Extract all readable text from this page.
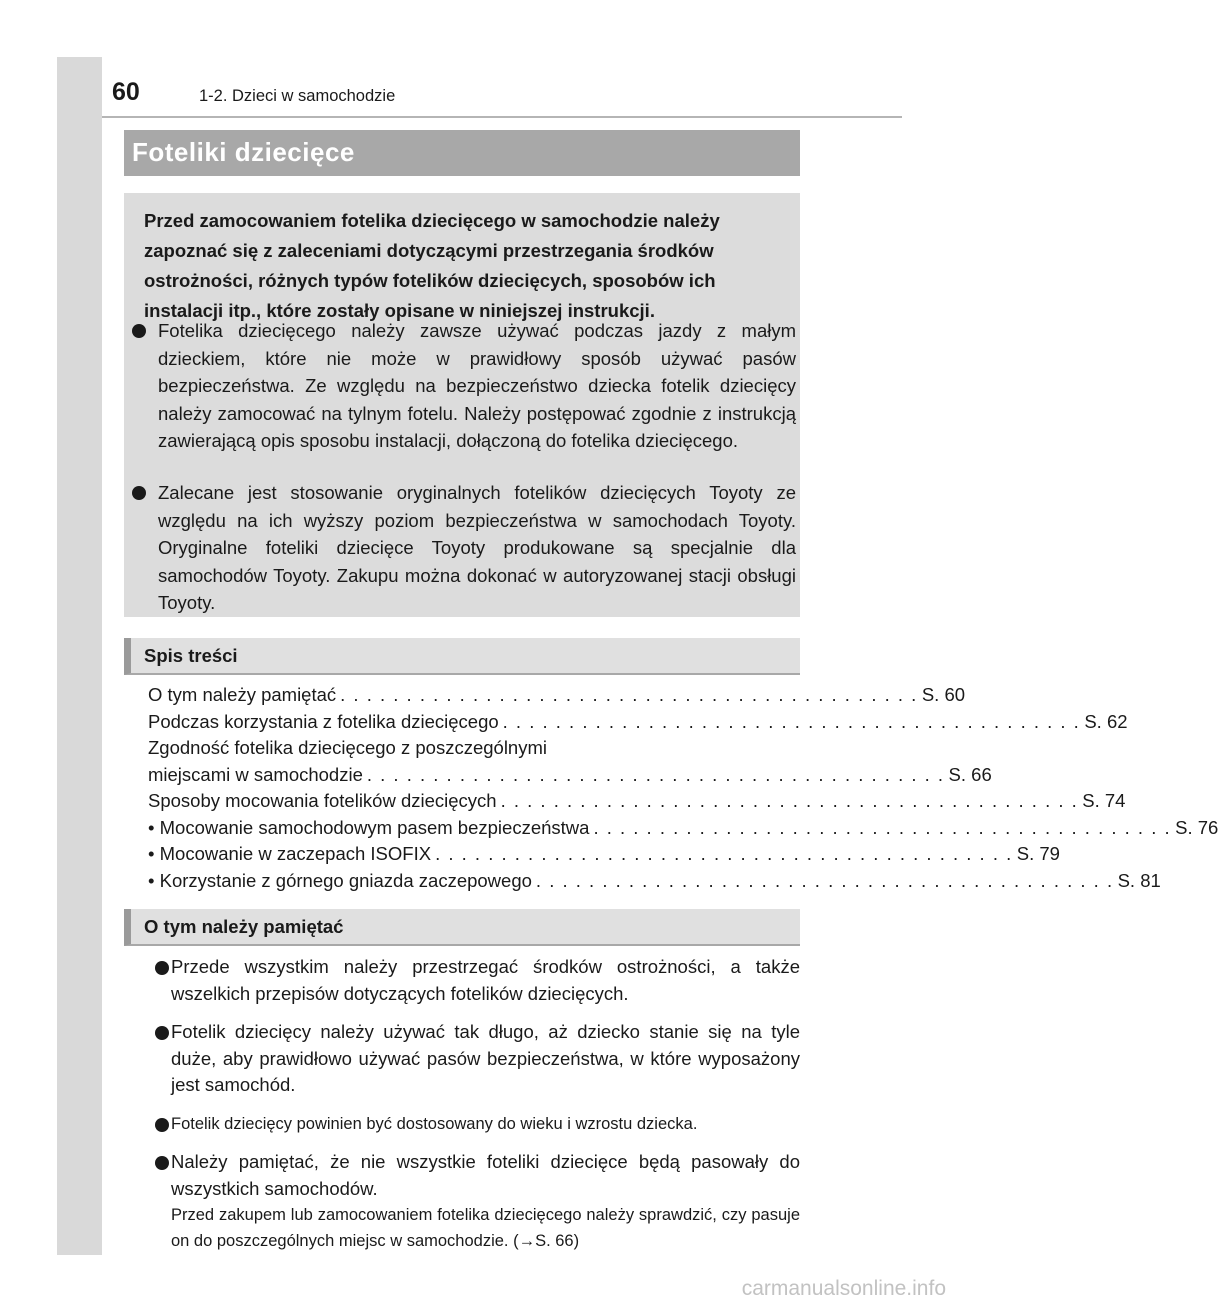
60	1-2. Dzieci w samochodzie
Foteliki dziecięce
Przed zamocowaniem fotelika dziecięcego w samochodzie należy zapoznać się z zaleceniami dotyczącymi przestrzegania środków ostrożności, różnych typów fotelików dziecięcych, sposobów ich instalacji itp., które zostały opisane w niniejszej instrukcji.
Fotelika dziecięcego należy zawsze używać podczas jazdy z małym dzieckiem, które nie może w prawidłowy sposób używać pasów bezpieczeństwa. Ze względu na bezpieczeństwo dziecka fotelik dziecięcy należy zamocować na tylnym fotelu. Należy postępować zgodnie z instrukcją zawierającą opis sposobu instalacji, dołączoną do fotelika dziecięcego.
Zalecane jest stosowanie oryginalnych fotelików dziecięcych Toyoty ze względu na ich wyższy poziom bezpieczeństwa w samochodach Toyoty. Oryginalne foteliki dziecięce Toyoty produkowane są specjalnie dla samochodów Toyoty. Zakupu można dokonać w autoryzowanej stacji obsługi Toyoty.
Spis treści
O tym należy pamiętać . . . . . . . . . . . . . . . . . . . . . . . . . . . . . . . . . . . . . . . . . . . . S. 60
Podczas korzystania z fotelika dziecięcego . . . . . . . . . . . . . . . . . . . . . . . . . . . . . . . . . . . . . . . . . . . . S. 62
Zgodność fotelika dziecięcego z poszczególnymi
miejscami w samochodzie . . . . . . . . . . . . . . . . . . . . . . . . . . . . . . . . . . . . . . . . . . . . S. 66
Sposoby mocowania fotelików dziecięcych . . . . . . . . . . . . . . . . . . . . . . . . . . . . . . . . . . . . . . . . . . . . S. 74
• Mocowanie samochodowym pasem bezpieczeństwa . . . . . . . . . . . . . . . . . . . . . . . . . . . . . . . . . . . . . . . . . . . . S. 76
• Mocowanie w zaczepach ISOFIX . . . . . . . . . . . . . . . . . . . . . . . . . . . . . . . . . . . . . . . . . . . . S. 79
• Korzystanie z górnego gniazda zaczepowego . . . . . . . . . . . . . . . . . . . . . . . . . . . . . . . . . . . . . . . . . . . . S. 81
O tym należy pamiętać
Przede wszystkim należy przestrzegać środków ostrożności, a także wszelkich przepisów dotyczących fotelików dziecięcych.
Fotelik dziecięcy należy używać tak długo, aż dziecko stanie się na tyle duże, aby prawidłowo używać pasów bezpieczeństwa, w które wyposażony jest samochód.
Fotelik dziecięcy powinien być dostosowany do wieku i wzrostu dziecka.
Należy pamiętać, że nie wszystkie foteliki dziecięce będą pasowały do wszystkich samochodów.
Przed zakupem lub zamocowaniem fotelika dziecięcego należy sprawdzić, czy pasuje on do poszczególnych miejsc w samochodzie. (→S. 66)
carmanualsonline.info
